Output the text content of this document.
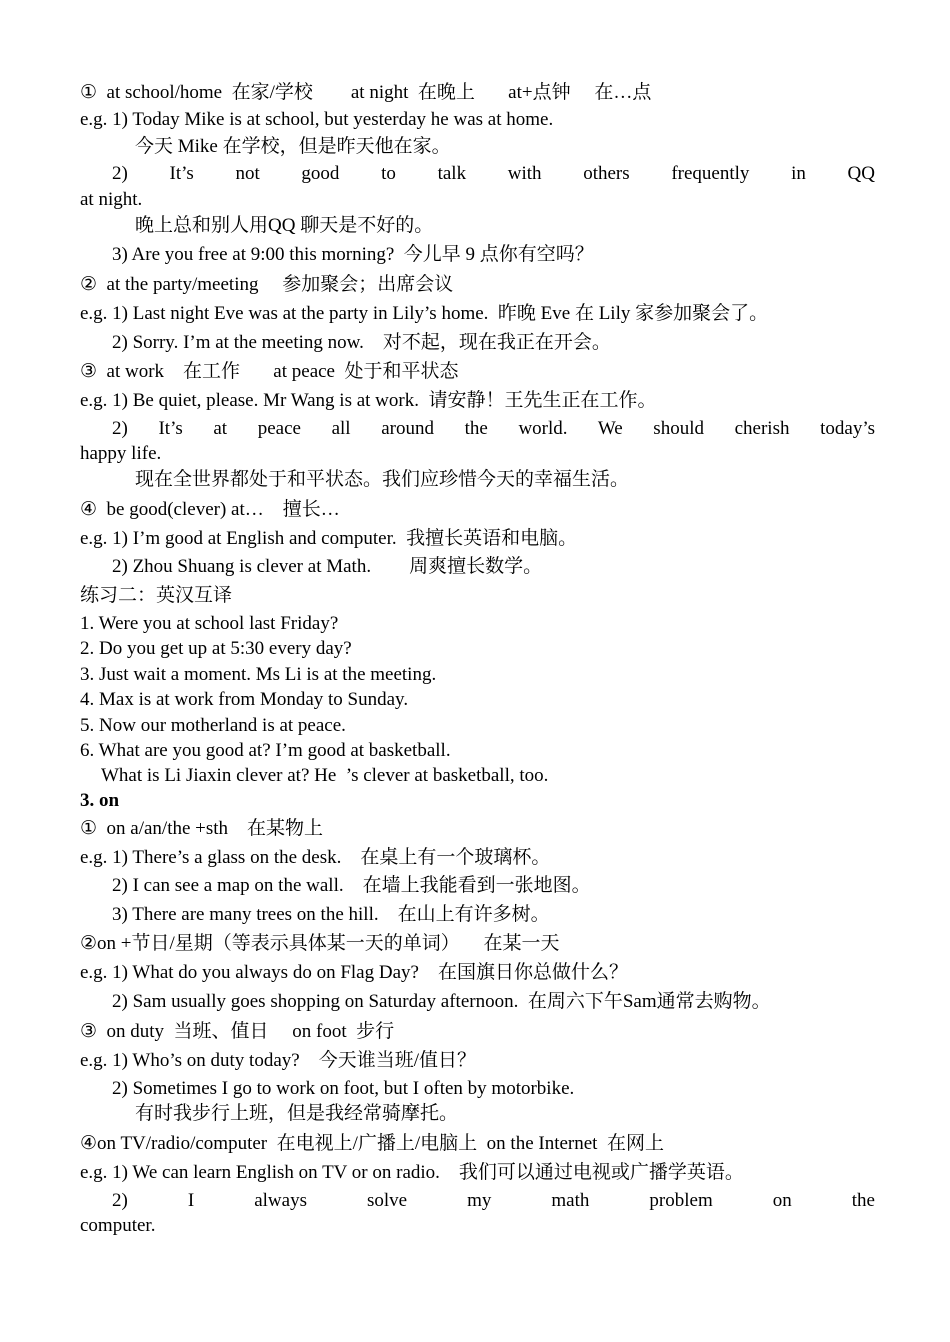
①  at school/home  在家/学校        at night  在晚上       at+点钟     在…点
e.g. 1) Today Mike is at school, but yesterday he was at home.
今天 Mike 在学校，但是昨天他在家。
2) It’s not good to talk with others frequently in QQ
at night.
晚上总和别人用QQ 聊天是不好的。
3) Are you free at 9:00 this morning?  今儿早 9 点你有空吗？
②  at the party/meeting     参加聚会；出席会议
e.g. 1) Last night Eve was at the party in Lily’s home.  昨晚 Eve 在 Lily 家参加聚会了。
2) Sorry. I’m at the meeting now.    对不起，现在我正在开会。
③  at work    在工作       at peace  处于和平状态
e.g. 1) Be quiet, please. Mr Wang is at work.  请安静！王先生正在工作。
2) It’s at peace all around the world. We should cherish today’s
happy life.
现在全世界都处于和平状态。我们应珍惜今天的幸福生活。
④  be good(clever) at…    擅长…
e.g. 1) I’m good at English and computer.  我擅长英语和电脑。
2) Zhou Shuang is clever at Math.        周爽擅长数学。
练习二：英汉互译
1. Were you at school last Friday?
2. Do you get up at 5:30 every day?
3. Just wait a moment. Ms Li is at the meeting.
4. Max is at work from Monday to Sunday.
5. Now our motherland is at peace.
6. What are you good at? I’m good at basketball.
What is Li Jiaxin clever at? He  ’s clever at basketball, too.
3. on
①  on a/an/the +sth    在某物上
e.g. 1) There’s a glass on the desk.    在桌上有一个玻璃杯。
2) I can see a map on the wall.    在墙上我能看到一张地图。
3) There are many trees on the hill.    在山上有许多树。
②on +节日/星期（等表示具体某一天的单词）     在某一天
e.g. 1) What do you always do on Flag Day?    在国旗日你总做什么？
2) Sam usually goes shopping on Saturday afternoon.  在周六下午Sam通常去购物。
③  on duty  当班、值日     on foot  步行
e.g. 1) Who’s on duty today?    今天谁当班/值日？
2) Sometimes I go to work on foot, but I often by motorbike.
有时我步行上班，但是我经常骑摩托。
④on TV/radio/computer  在电视上/广播上/电脑上  on the Internet  在网上
e.g. 1) We can learn English on TV or on radio.    我们可以通过电视或广播学英语。
2) I always solve my math problem on the
computer.
